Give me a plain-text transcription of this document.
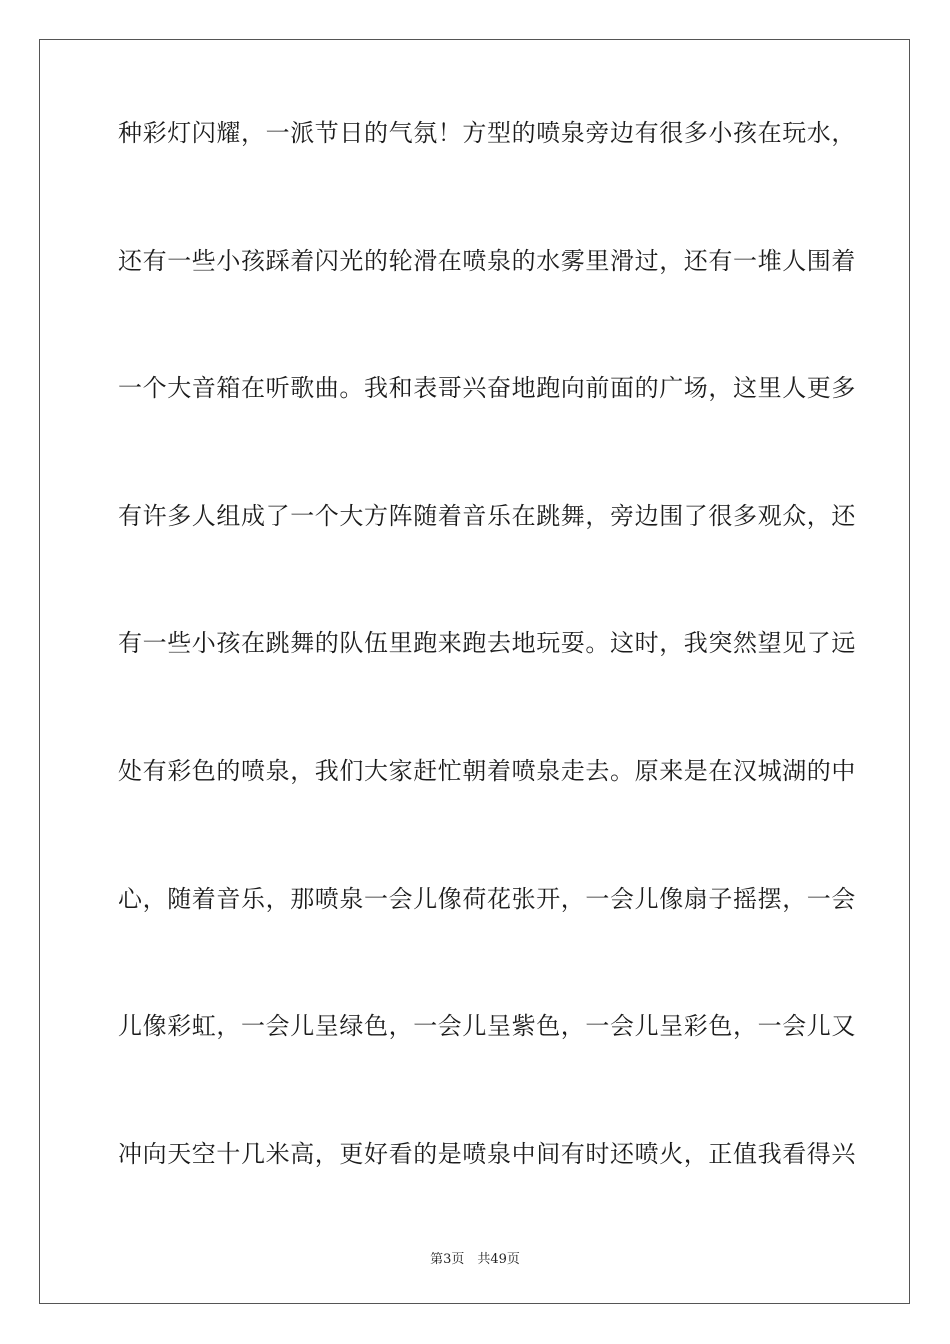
种彩灯闪耀，一派节日的气氛！方型的喷泉旁边有很多小孩在玩水，
还有一些小孩踩着闪光的轮滑在喷泉的水雾里滑过，还有一堆人围着
一个大音箱在听歌曲。我和表哥兴奋地跑向前面的广场，这里人更多
有许多人组成了一个大方阵随着音乐在跳舞，旁边围了很多观众，还
有一些小孩在跳舞的队伍里跑来跑去地玩耍。这时，我突然望见了远
处有彩色的喷泉，我们大家赶忙朝着喷泉走去。原来是在汉城湖的中
心，随着音乐，那喷泉一会儿像荷花张开，一会儿像扇子摇摆，一会
儿像彩虹，一会儿呈绿色，一会儿呈紫色，一会儿呈彩色，一会儿又
冲向天空十几米高，更好看的是喷泉中间有时还喷火，正值我看得兴
第3页　共49页
